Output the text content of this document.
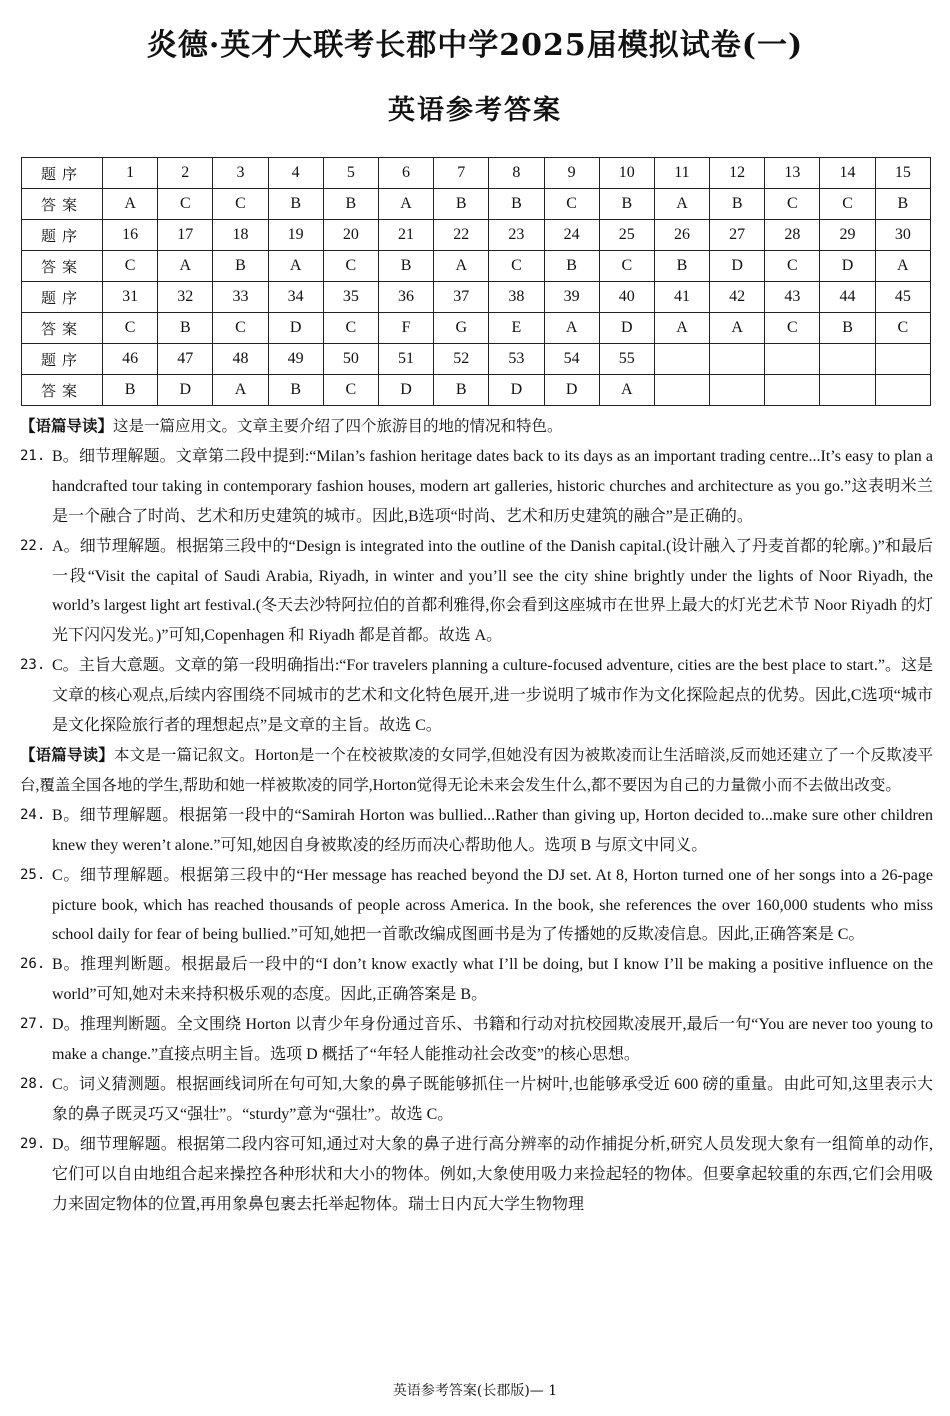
炎德·英才大联考长郡中学2025届模拟试卷(一)
英语参考答案
题序	1	2	3	4	5	6	7	8	9	10	11	12	13	14	15
答案	A	C	C	B	B	A	B	B	C	B	A	B	C	C	B
题序	16	17	18	19	20	21	22	23	24	25	26	27	28	29	30
答案	C	A	B	A	C	B	A	C	B	C	B	D	C	D	A
题序	31	32	33	34	35	36	37	38	39	40	41	42	43	44	45
答案	C	B	C	D	C	F	G	E	A	D	A	A	C	B	C
题序	46	47	48	49	50	51	52	53	54	55					
答案	B	D	A	B	C	D	B	D	D	A					

【语篇导读】这是一篇应用文。文章主要介绍了四个旅游目的地的情况和特色。

21. B。细节理解题。文章第二段中提到:“Milan’s fashion heritage dates back to its days as an important trading centre...It’s easy to plan a handcrafted tour taking in contemporary fashion houses, modern art galleries, historic churches and architecture as you go.”这表明米兰是一个融合了时尚、艺术和历史建筑的城市。因此,B选项“时尚、艺术和历史建筑的融合”是正确的。
22. A。细节理解题。根据第三段中的“Design is integrated into the outline of the Danish capital.(设计融入了丹麦首都的轮廓。)”和最后一段“Visit the capital of Saudi Arabia, Riyadh, in winter and you’ll see the city shine brightly under the lights of Noor Riyadh, the world’s largest light art festival.(冬天去沙特阿拉伯的首都利雅得,你会看到这座城市在世界上最大的灯光艺术节 Noor Riyadh 的灯光下闪闪发光。)”可知,Copenhagen 和 Riyadh 都是首都。故选 A。
23. C。主旨大意题。文章的第一段明确指出:“For travelers planning a culture-focused adventure, cities are the best place to start.”。这是文章的核心观点,后续内容围绕不同城市的艺术和文化特色展开,进一步说明了城市作为文化探险起点的优势。因此,C选项“城市是文化探险旅行者的理想起点”是文章的主旨。故选 C。

【语篇导读】本文是一篇记叙文。Horton是一个在校被欺凌的女同学,但她没有因为被欺凌而让生活暗淡,反而她还建立了一个反欺凌平台,覆盖全国各地的学生,帮助和她一样被欺凌的同学,Horton觉得无论未来会发生什么,都不要因为自己的力量微小而不去做出改变。

24. B。细节理解题。根据第一段中的“Samirah Horton was bullied...Rather than giving up, Horton decided to...make sure other children knew they weren’t alone.”可知,她因自身被欺凌的经历而决心帮助他人。选项 B 与原文中同义。
25. C。细节理解题。根据第三段中的“Her message has reached beyond the DJ set. At 8, Horton turned one of her songs into a 26-page picture book, which has reached thousands of people across America. In the book, she references the over 160,000 students who miss school daily for fear of being bullied.”可知,她把一首歌改编成图画书是为了传播她的反欺凌信息。因此,正确答案是 C。
26. B。推理判断题。根据最后一段中的“I don’t know exactly what I’ll be doing, but I know I’ll be making a positive influence on the world”可知,她对未来持积极乐观的态度。因此,正确答案是 B。
27. D。推理判断题。全文围绕 Horton 以青少年身份通过音乐、书籍和行动对抗校园欺凌展开,最后一句“You are never too young to make a change.”直接点明主旨。选项 D 概括了“年轻人能推动社会改变”的核心思想。
28. C。词义猜测题。根据画线词所在句可知,大象的鼻子既能够抓住一片树叶,也能够承受近 600 磅的重量。由此可知,这里表示大象的鼻子既灵巧又“强壮”。“sturdy”意为“强壮”。故选 C。
29. D。细节理解题。根据第二段内容可知,通过对大象的鼻子进行高分辨率的动作捕捉分析,研究人员发现大象有一组简单的动作,它们可以自由地组合起来操控各种形状和大小的物体。例如,大象使用吸力来捡起轻的物体。但要拿起较重的东西,它们会用吸力来固定物体的位置,再用象鼻包裹去托举起物体。瑞士日内瓦大学生物物理
英语参考答案(长郡版)— 1
